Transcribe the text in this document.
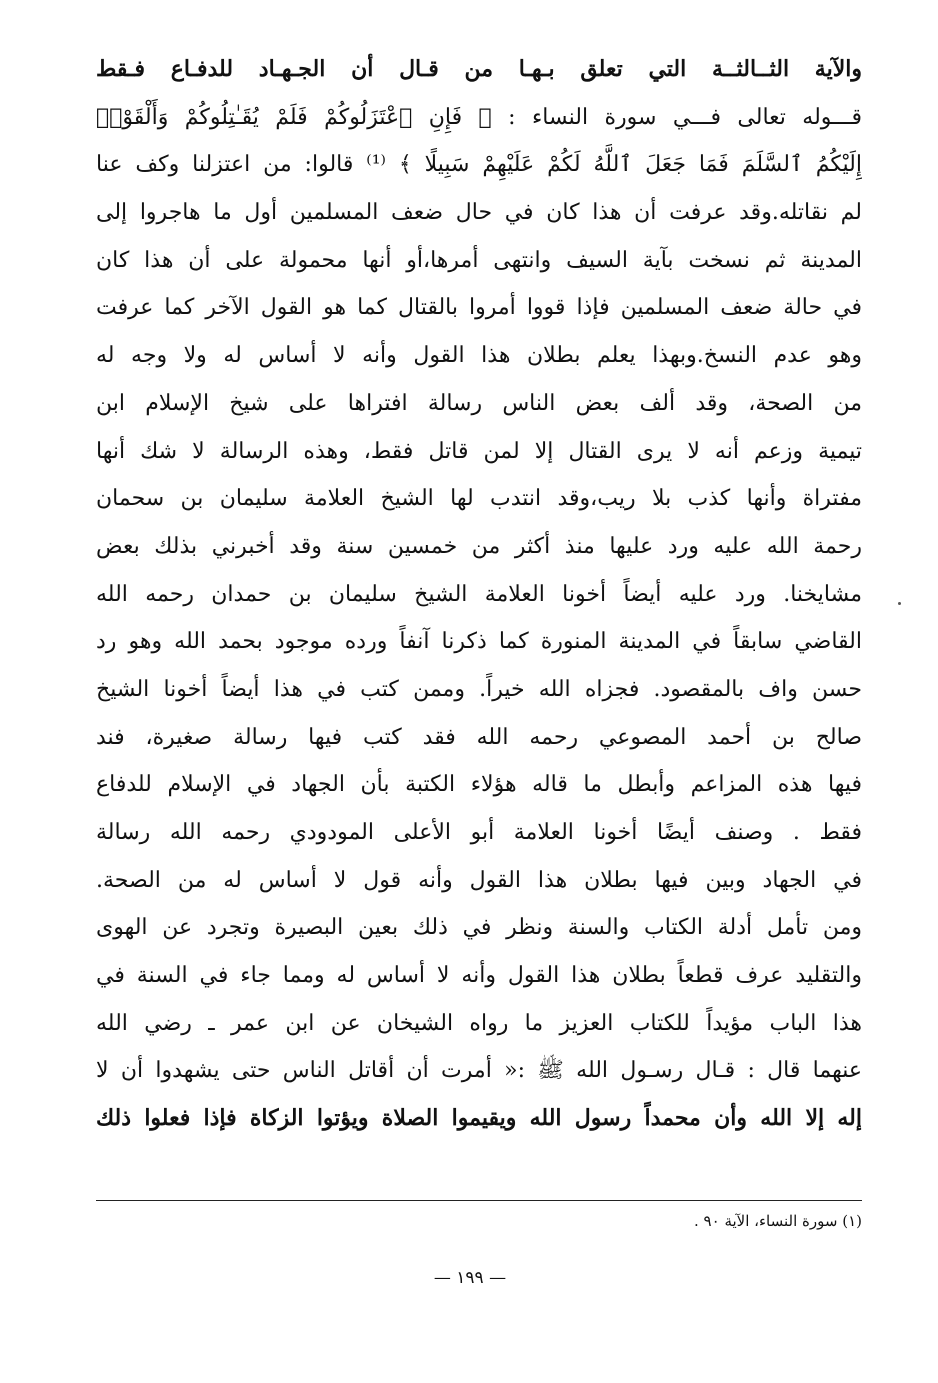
والآية الثــالثــة التي تعلق بـهـا من قـال أن الجـهـاد للدفـاع فـقط
قـــوله تعالى فـــي سورة النساء : ﴿ فَإِنِ ٱعْتَزَلُوكُمْ فَلَمْ يُقَـٰتِلُوكُمْ وَأَلْقَوْا۟
إِلَيْكُمُ ٱلسَّلَمَ فَمَا جَعَلَ ٱللَّهُ لَكُمْ عَلَيْهِمْ سَبِيلًا ﴾ ⁽¹⁾ قالوا: من اعتزلنا وكف عنا
لم نقاتله.وقد عرفت أن هذا كان في حال ضعف المسلمين أول ما هاجروا إلى
المدينة ثم نسخت بآية السيف وانتهى أمرها،أو أنها محمولة على أن هذا كان
في حالة ضعف المسلمين فإذا قووا أمروا بالقتال كما هو القول الآخر كما عرفت
وهو عدم النسخ.وبهذا يعلم بطلان هذا القول وأنه لا أساس له ولا وجه له
من الصحة، وقد ألف بعض الناس رسالة افتراها على شيخ الإسلام ابن
تيمية وزعم أنه لا يرى القتال إلا لمن قاتل فقط، وهذه الرسالة لا شك أنها
مفتراة وأنها كذب بلا ريب،وقد انتدب لها الشيخ العلامة سليمان بن سحمان
رحمة الله عليه ورد عليها منذ أكثر من خمسين سنة وقد أخبرني بذلك بعض
مشايخنا. ورد عليه أيضاً أخونا العلامة الشيخ سليمان بن حمدان رحمه الله
القاضي سابقاً في المدينة المنورة كما ذكرنا آنفاً ورده موجود بحمد الله وهو رد
حسن واف بالمقصود. فجزاه الله خيراً. وممن كتب في هذا أيضاً أخونا الشيخ
صالح بن أحمد المصوعي رحمه الله فقد كتب فيها رسالة صغيرة، فند
فيها هذه المزاعم وأبطل ما قاله هؤلاء الكتبة بأن الجهاد في الإسلام للدفاع
فقط . وصنف أيضًا أخونا العلامة أبو الأعلى المودودي رحمه الله رسالة
في الجهاد وبين فيها بطلان هذا القول وأنه قول لا أساس له من الصحة.
ومن تأمل أدلة الكتاب والسنة ونظر في ذلك بعين البصيرة وتجرد عن الهوى
والتقليد عرف قطعاً بطلان هذا القول وأنه لا أساس له ومما جاء في السنة في
هذا الباب مؤيداً للكتاب العزيز ما رواه الشيخان عن ابن عمر ـ رضي الله
عنهما قال : قـال رسـول الله ﷺ :« أمرت أن أقاتل الناس حتى يشهدوا أن لا
إله إلا الله وأن محمداً رسول الله ويقيموا الصلاة ويؤتوا الزكاة فإذا فعلوا ذلك
(١) سورة النساء، الآية ٩٠ .
— ١٩٩ —
